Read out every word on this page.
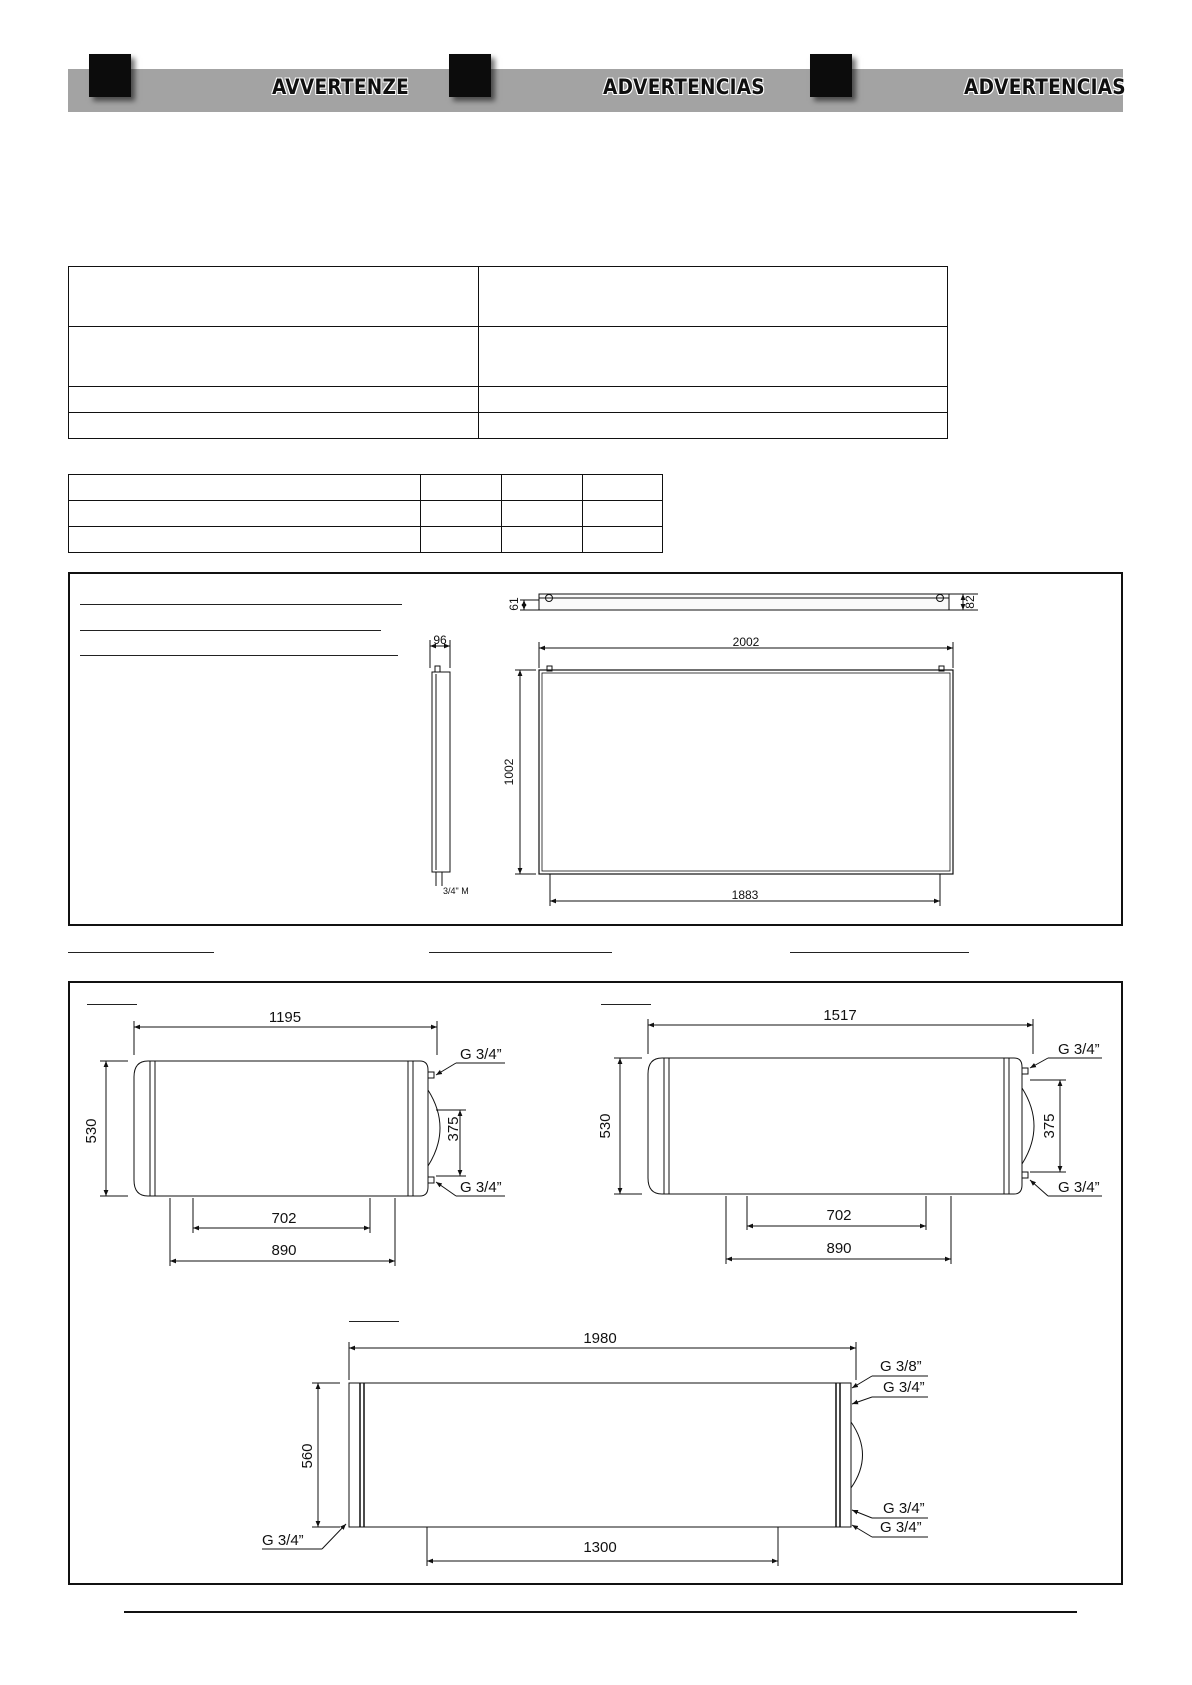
AVVERTENZE	ADVERTENCIAS	ADVERTENCIAS

61	82
96
3/4" M
2002
1002
1883
1195
530	375
G 3/4”
G 3/4”
702
890
1517
530	375
G 3/4”
G 3/4”
702
890
1980
560
1300
G 3/8”
G 3/4”
G 3/4”
G 3/4”
G 3/4”
